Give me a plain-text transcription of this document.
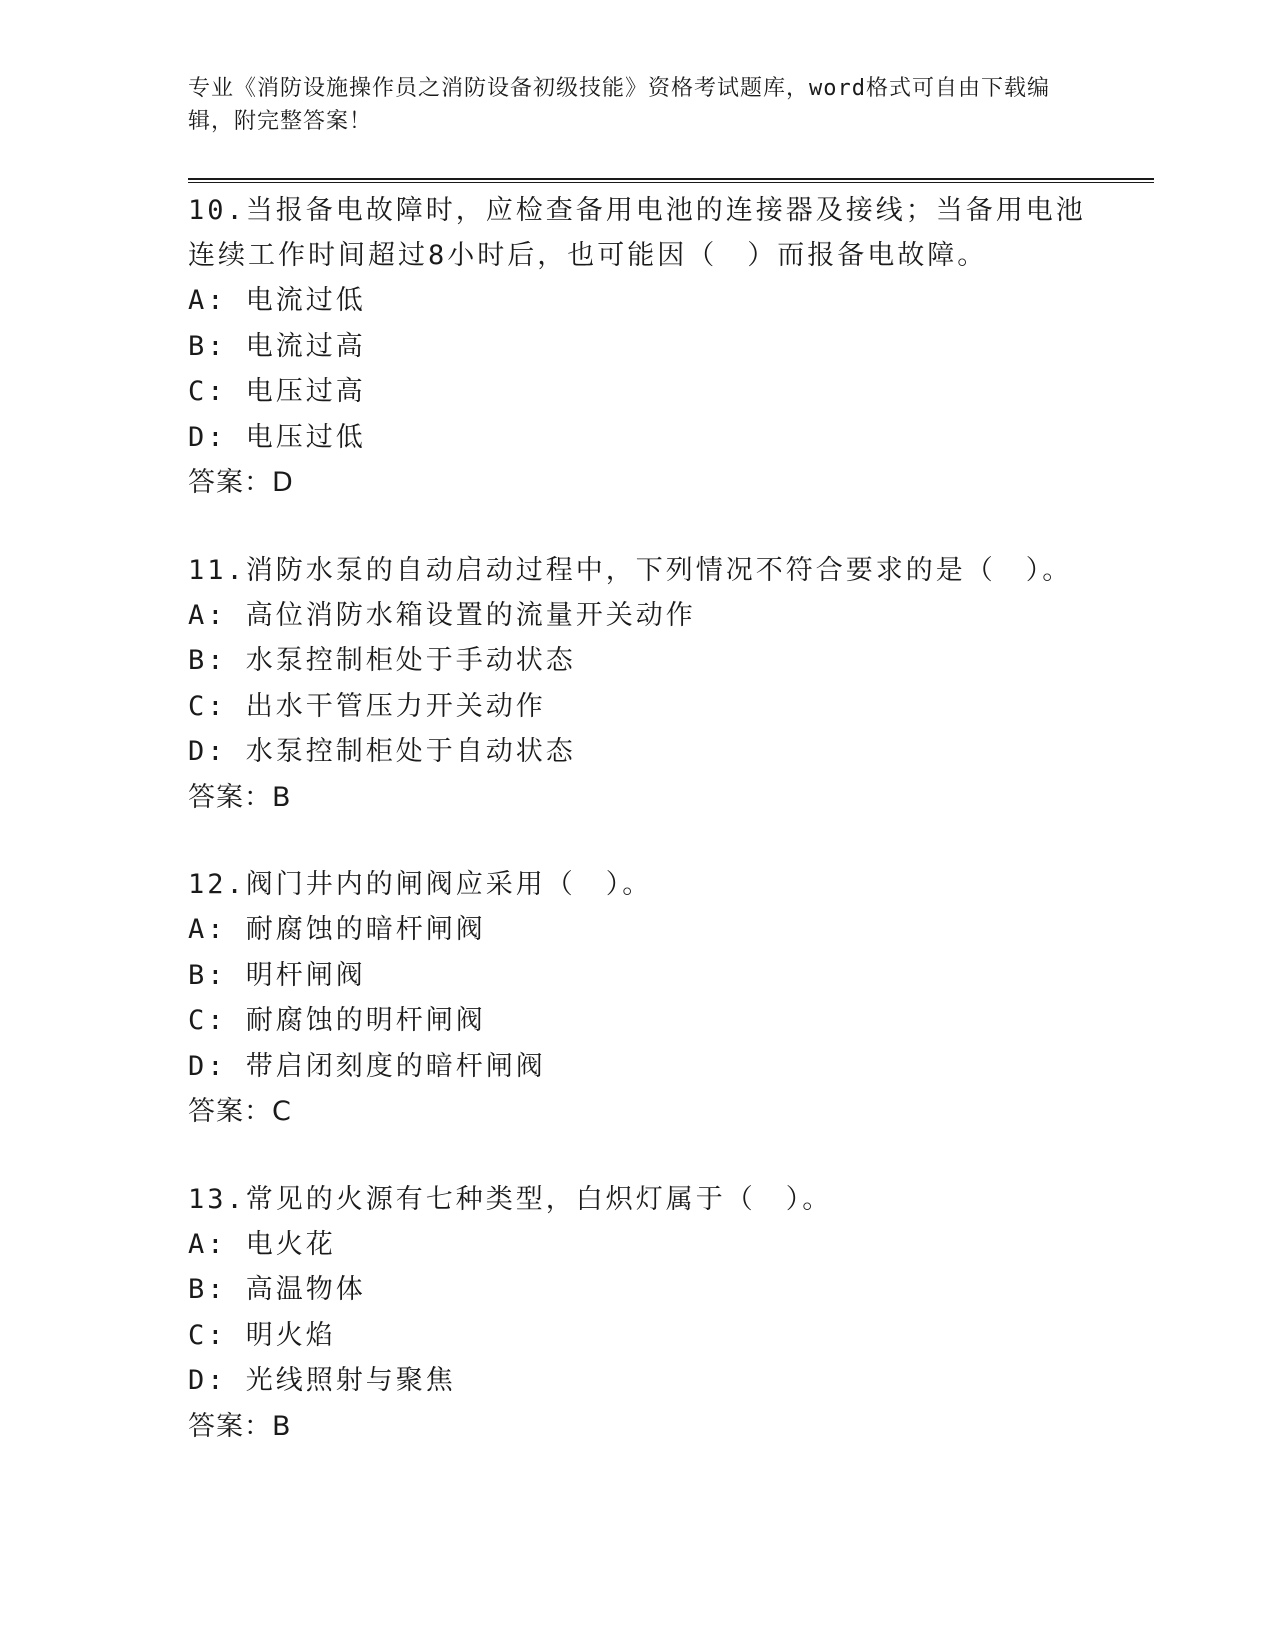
专业《消防设施操作员之消防设备初级技能》资格考试题库，word格式可自由下载编辑，附完整答案！
10.当报备电故障时，应检查备用电池的连接器及接线；当备用电池连续工作时间超过8小时后，也可能因（　）而报备电故障。
A: 电流过低
B: 电流过高
C: 电压过高
D: 电压过低
答案：D
11.消防水泵的自动启动过程中，下列情况不符合要求的是（　）。
A: 高位消防水箱设置的流量开关动作
B: 水泵控制柜处于手动状态
C: 出水干管压力开关动作
D: 水泵控制柜处于自动状态
答案：B
12.阀门井内的闸阀应采用（　）。
A: 耐腐蚀的暗杆闸阀
B: 明杆闸阀
C: 耐腐蚀的明杆闸阀
D: 带启闭刻度的暗杆闸阀
答案：C
13.常见的火源有七种类型，白炽灯属于（　）。
A: 电火花
B: 高温物体
C: 明火焰
D: 光线照射与聚焦
答案：B
